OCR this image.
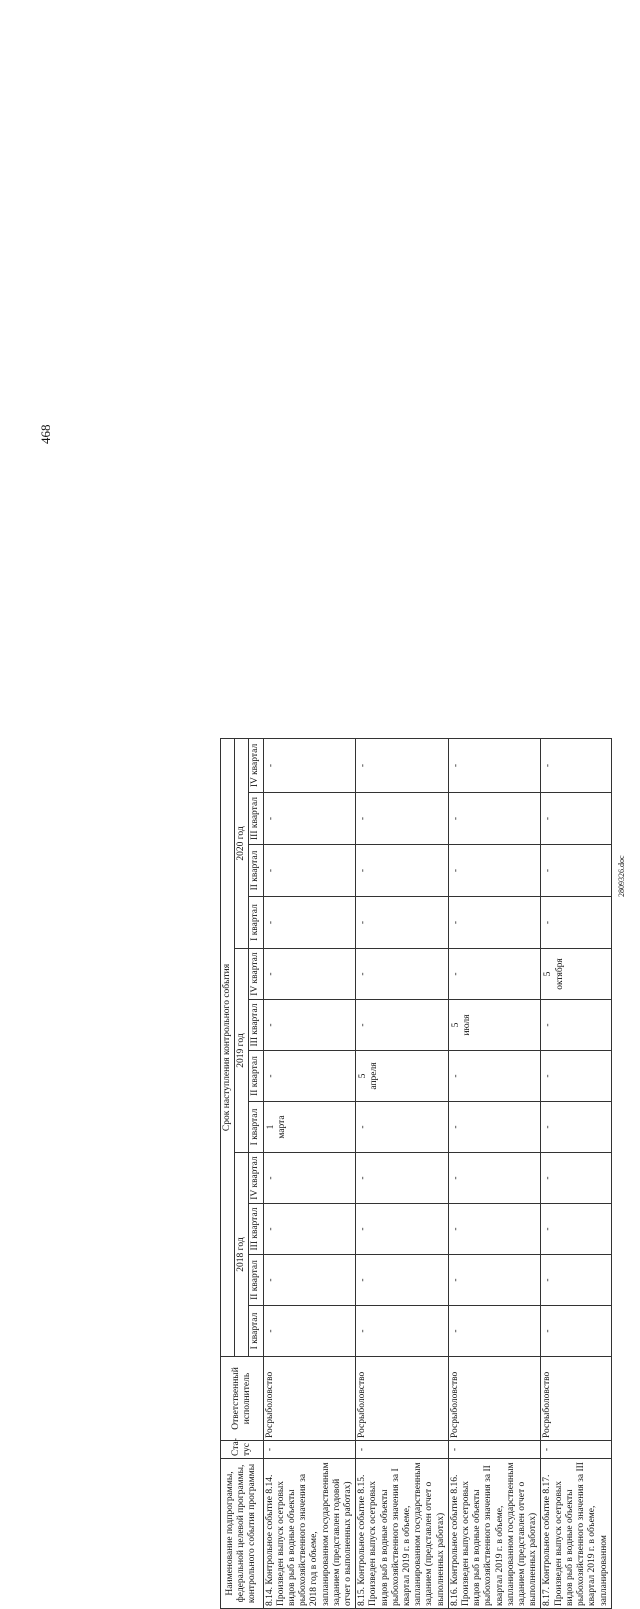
468
2809326.doc
Наименование подпрограммы, федеральной целевой программы, контрольного события программы	Ста- тус	Ответственный исполнитель	Срок наступления контрольного события											
			2018 год				2019 год				2020 год			
			I квартал	II квартал	III квартал	IV квартал	I квартал	II квартал	III квартал	IV квартал	I квартал	II квартал	III квартал	IV квартал
8.14. Контрольное событие 8.14. Произведен выпуск осетровых видов рыб в водные объекты рыбохозяйственного значения за 2018 год в объеме, запланированном государственным заданием (представлен годовой отчет о выполненных работах)	-	Росрыболовство	-	-	-	-	1 марта	-	-	-	-	-	-	-

8.15. Контрольное событие 8.15. Произведен выпуск осетровых видов рыб в водные объекты рыбохозяйственного значения за I квартал 2019 г. в объеме, запланированном государственным заданием (представлен отчет о выполненных работах)	-	Росрыболовство	-	-	-	-	-	5 апреля	-	-	-	-	-	-

8.16. Контрольное событие 8.16. Произведен выпуск осетровых видов рыб в водные объекты рыбохозяйственного значения за II квартал 2019 г. в объеме, запланированном государственным заданием (представлен отчет о выполненных работах)	-	Росрыболовство	-	-	-	-	-	-	5 июля	-	-	-	-	-

8.17. Контрольное событие 8.17. Произведен выпуск осетровых видов рыб в водные объекты рыбохозяйственного значения за III квартал 2019 г. в объеме, запланированном	-	Росрыболовство	-	-	-	-	-	-	-	5 октября	-	-	-	-
